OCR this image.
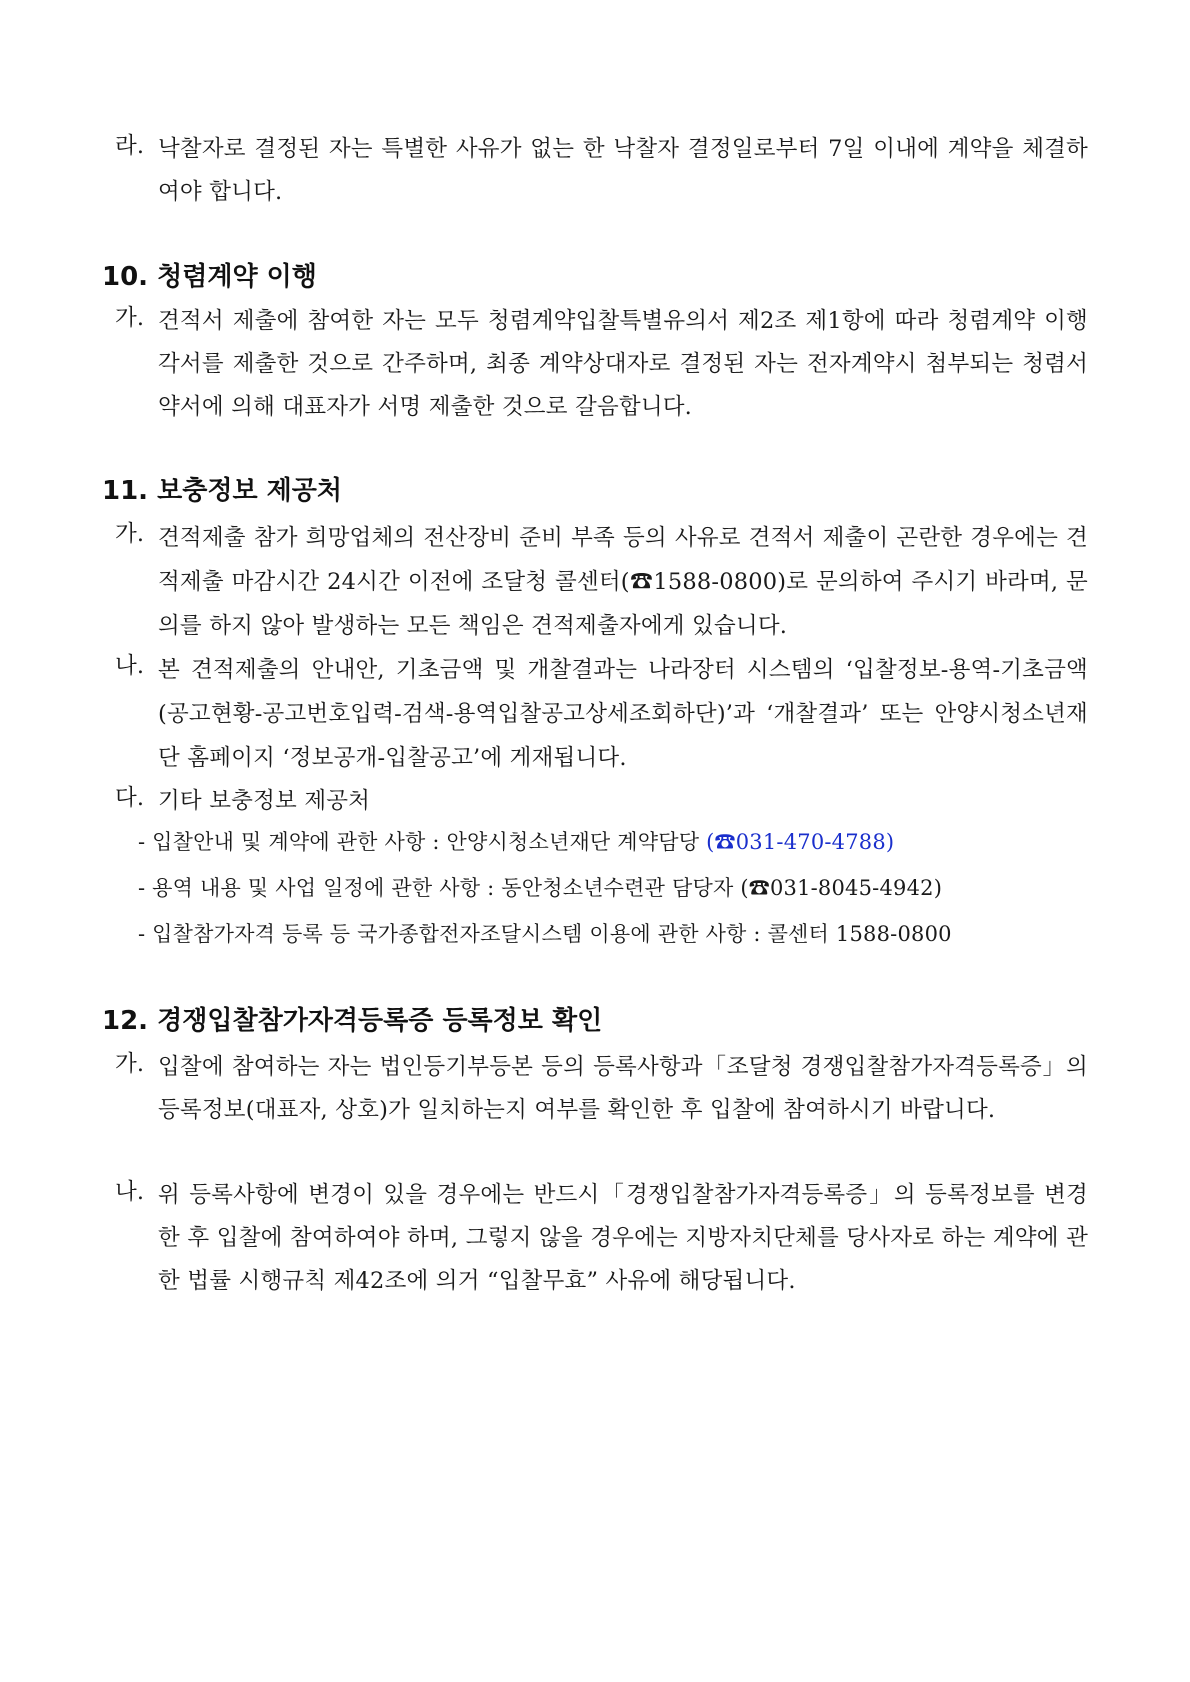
라. 낙찰자로 결정된 자는 특별한 사유가 없는 한 낙찰자 결정일로부터 7일 이내에 계약을 체결하여야 합니다.
10. 청렴계약 이행
가. 견적서 제출에 참여한 자는 모두 청렴계약입찰특별유의서 제2조 제1항에 따라 청렴계약 이행각서를 제출한 것으로 간주하며, 최종 계약상대자로 결정된 자는 전자계약시 첨부되는 청렴서약서에 의해 대표자가 서명 제출한 것으로 갈음합니다.
11. 보충정보 제공처
가. 견적제출 참가 희망업체의 전산장비 준비 부족 등의 사유로 견적서 제출이 곤란한 경우에는 견적제출 마감시간 24시간 이전에 조달청 콜센터(☎1588-0800)로 문의하여 주시기 바라며, 문의를 하지 않아 발생하는 모든 책임은 견적제출자에게 있습니다.
나. 본 견적제출의 안내안, 기초금액 및 개찰결과는 나라장터 시스템의 ‘입찰정보-용역-기초금액(공고현황-공고번호입력-검색-용역입찰공고상세조회하단)’과 ‘개찰결과’ 또는 안양시청소년재단 홈페이지 ‘정보공개-입찰공고’에 게재됩니다.
다. 기타 보충정보 제공처
- 입찰안내 및 계약에 관한 사항 : 안양시청소년재단 계약담당 (☎031-470-4788)
- 용역 내용 및 사업 일정에 관한 사항 : 동안청소년수련관 담당자 (☎031-8045-4942)
- 입찰참가자격 등록 등 국가종합전자조달시스템 이용에 관한 사항 : 콜센터 1588-0800
12. 경쟁입찰참가자격등록증 등록정보 확인
가. 입찰에 참여하는 자는 법인등기부등본 등의 등록사항과「조달청 경쟁입찰참가자격등록증」의 등록정보(대표자, 상호)가 일치하는지 여부를 확인한 후 입찰에 참여하시기 바랍니다.
나. 위 등록사항에 변경이 있을 경우에는 반드시「경쟁입찰참가자격등록증」의 등록정보를 변경한 후 입찰에 참여하여야 하며, 그렇지 않을 경우에는 지방자치단체를 당사자로 하는 계약에 관한 법률 시행규칙 제42조에 의거 “입찰무효” 사유에 해당됩니다.
